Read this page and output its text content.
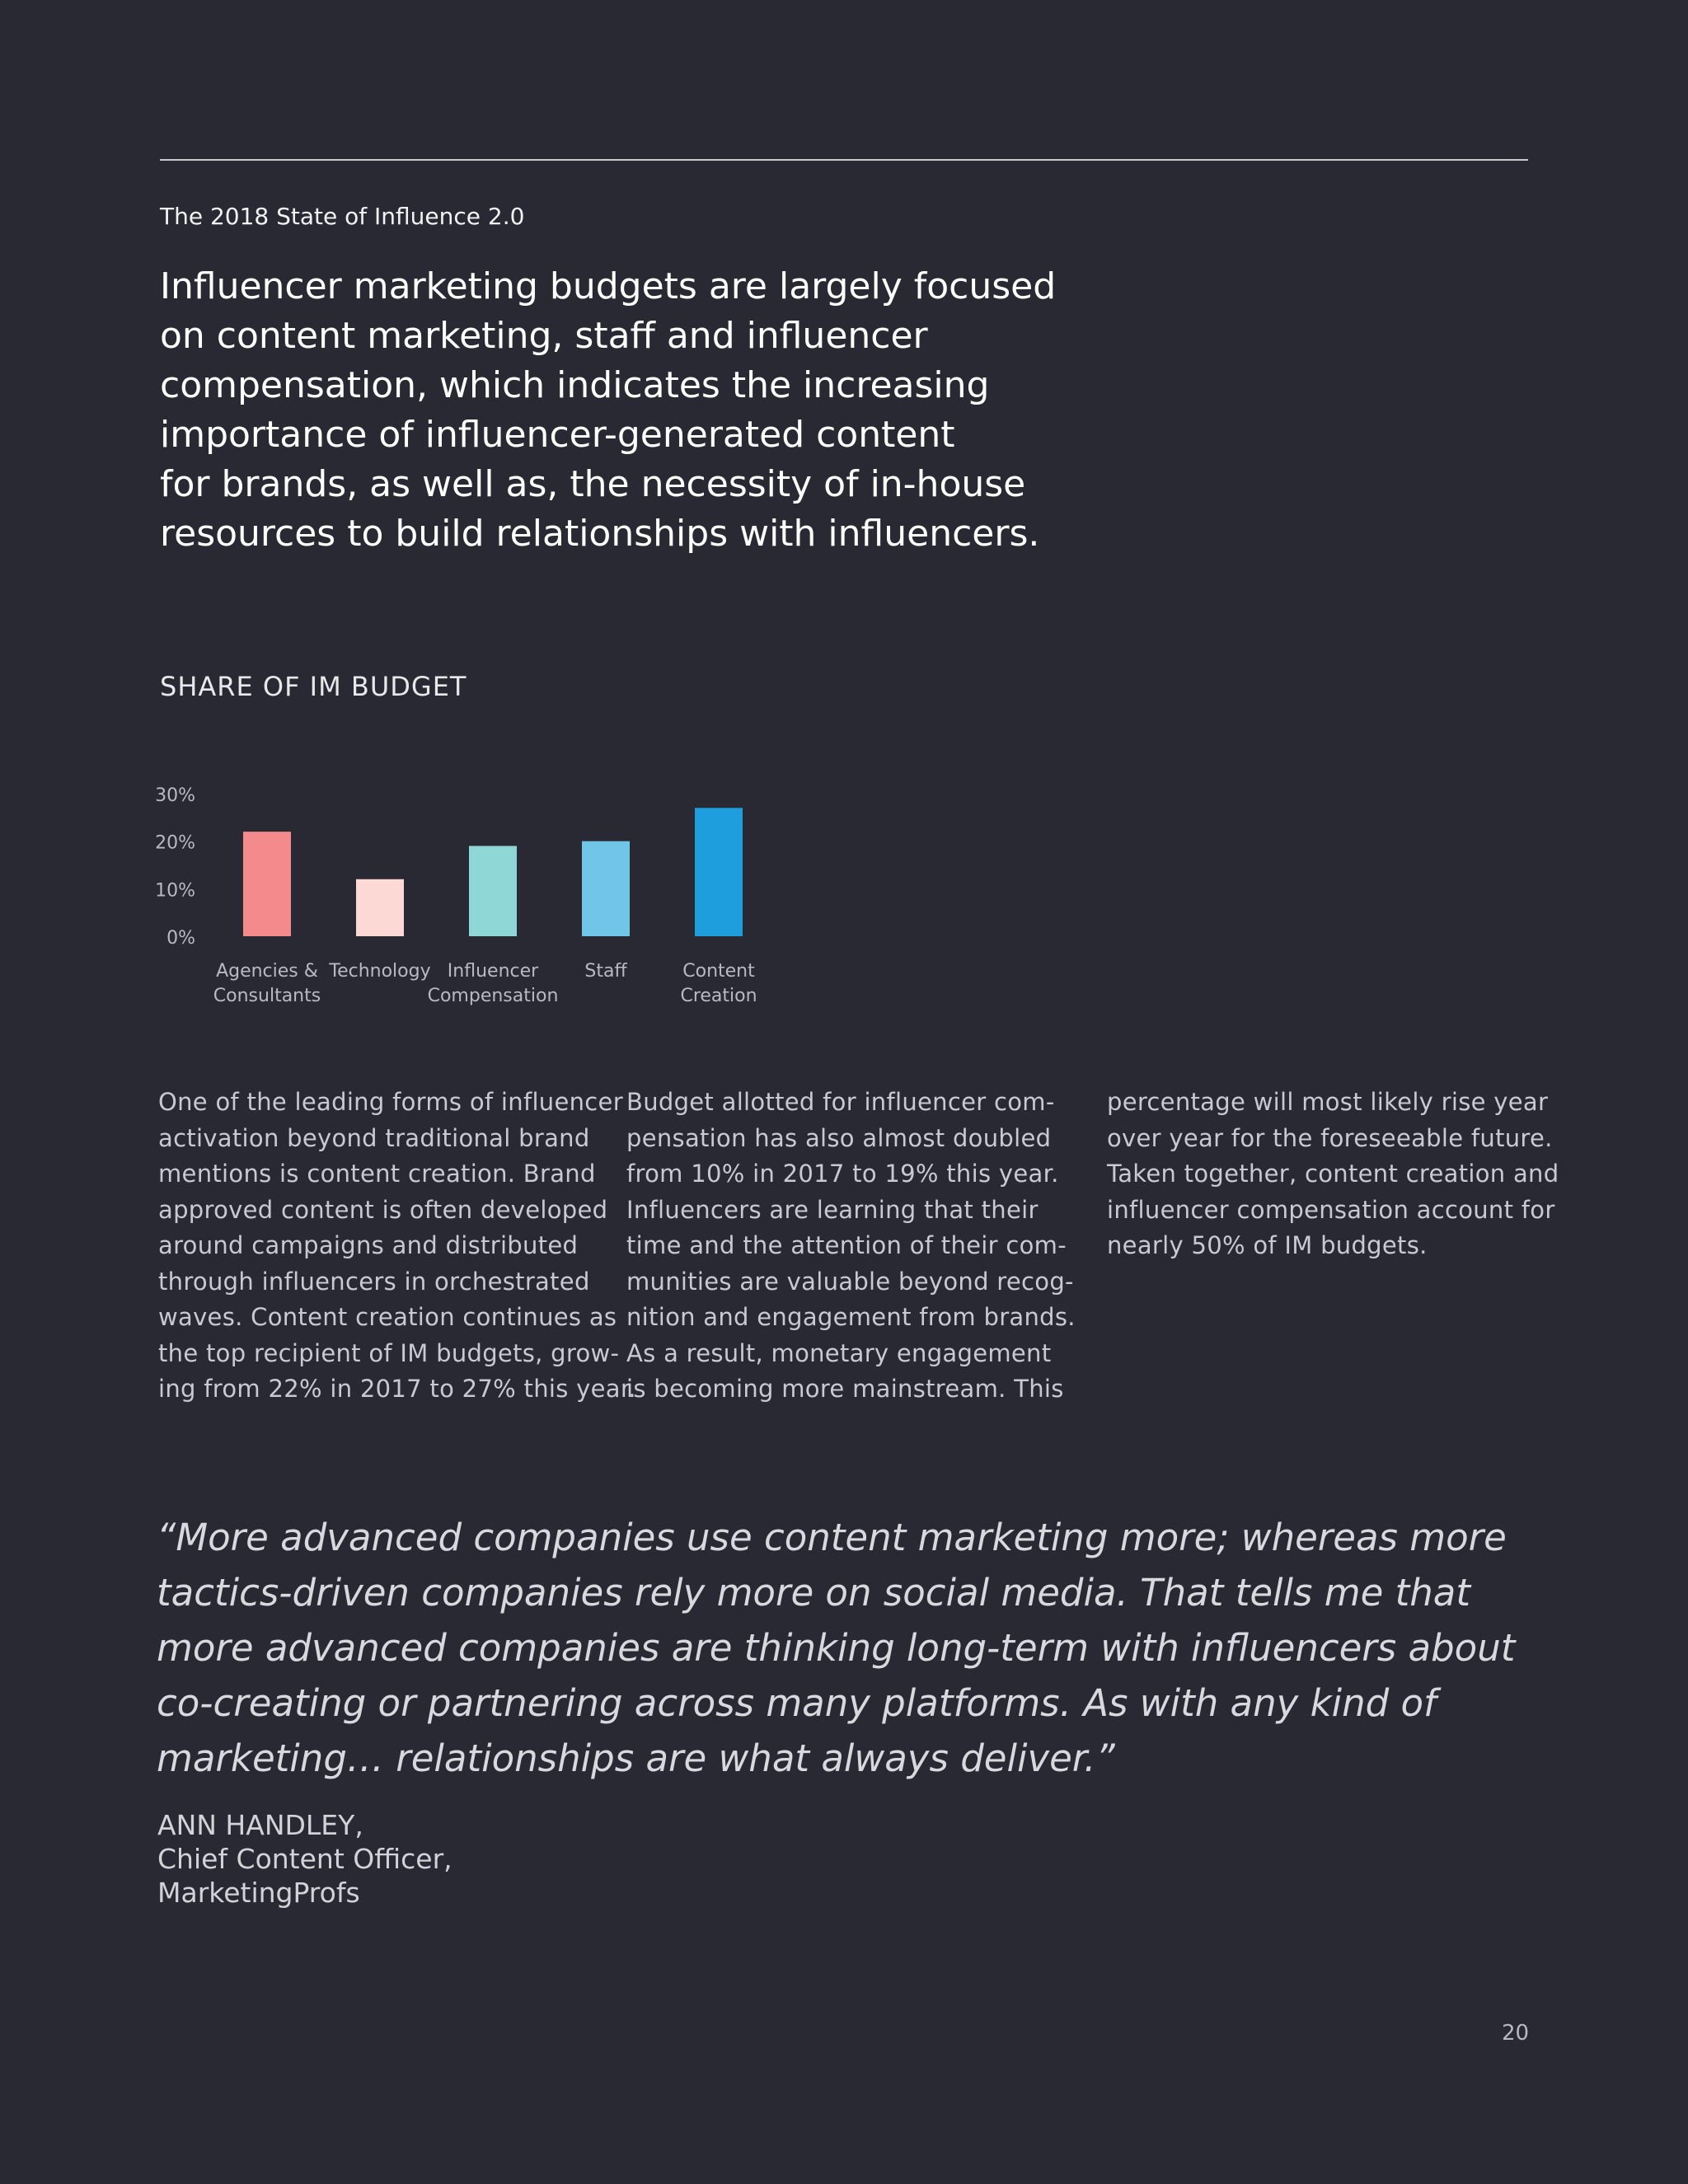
The 2018 State of Influence 2.0
Influencer marketing budgets are largely focused
on content marketing, staff and influencer
compensation, which indicates the increasing
importance of influencer-generated content
for brands, as well as, the necessity of in-house
resources to build relationships with influencers.
SHARE OF IM BUDGET
0%
10%
20%
30%
Agencies &
Consultants
Technology Influencer
Compensation
Staff	Content
Creation
One of the leading forms of influencer
activation beyond traditional brand
mentions is content creation. Brand
approved content is often developed
around campaigns and distributed
through influencers in orchestrated
waves. Content creation continues as
the top recipient of IM budgets, grow-
ing from 22% in 2017 to 27% this year.
Budget allotted for influencer com-
pensation has also almost doubled
from 10% in 2017 to 19% this year.
Influencers are learning that their
time and the attention of their com-
munities are valuable beyond recog-
nition and engagement from brands.
As a result, monetary engagement
is becoming more mainstream. This
percentage will most likely rise year
over year for the foreseeable future.
Taken together, content creation and
influencer compensation account for
nearly 50% of IM budgets.
“More advanced companies use content marketing more; whereas more
tactics-driven companies rely more on social media. That tells me that
more advanced companies are thinking long-term with influencers about
co-creating or partnering across many platforms. As with any kind of
marketing… relationships are what always deliver.”
ANN HANDLEY,
Chief Content Officer,
MarketingProfs
20
